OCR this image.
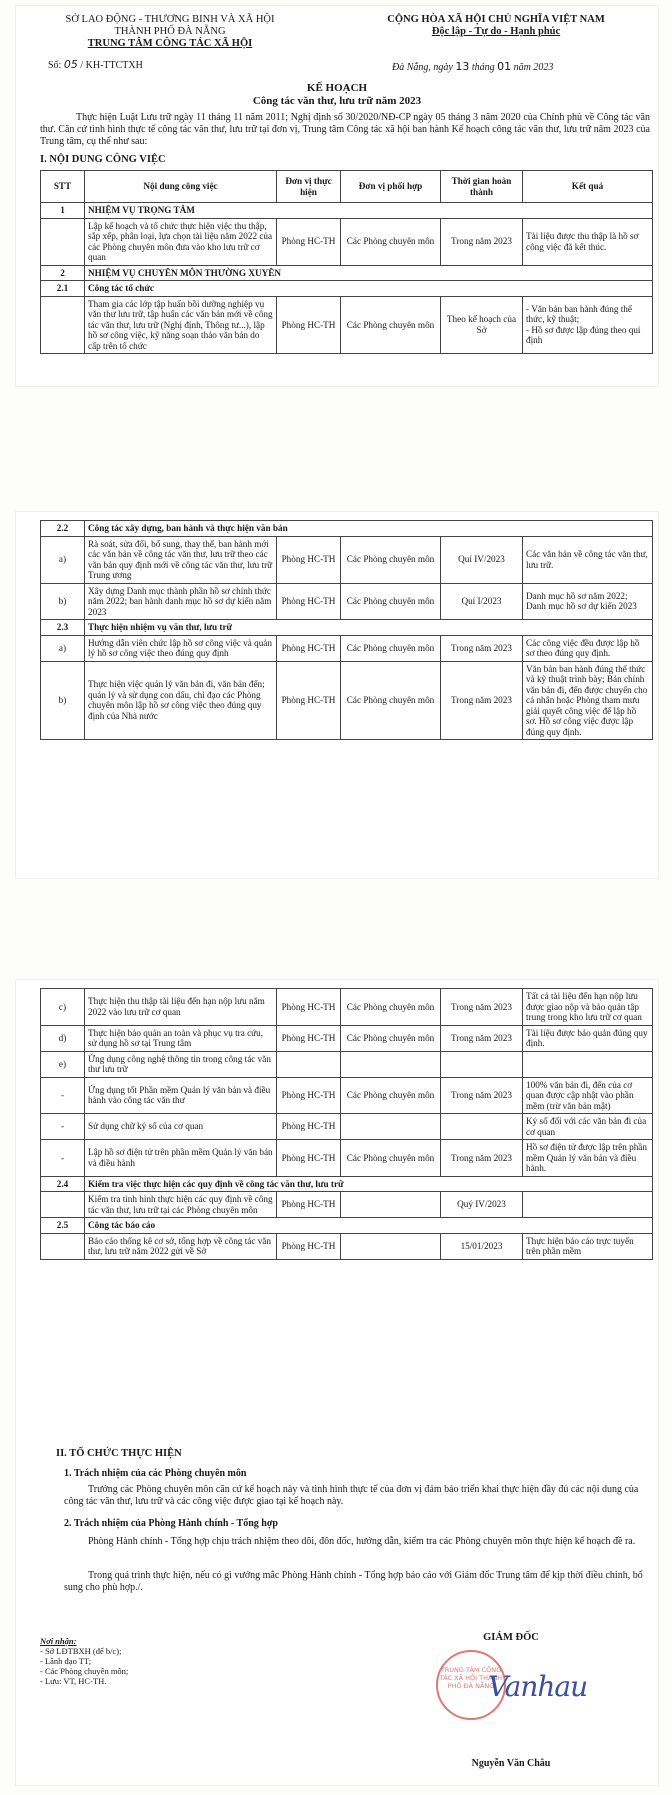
SỞ LAO ĐỘNG - THƯƠNG BINH VÀ XÃ HỘI
THÀNH PHỐ ĐÀ NẴNG
TRUNG TÂM CÔNG TÁC XÃ HỘI
CỘNG HÒA XÃ HỘI CHỦ NGHĨA VIỆT NAM
Độc lập - Tự do - Hạnh phúc
Số: 05 / KH-TTCTXH	Đà Nẵng, ngày 13 tháng 01 năm 2023
KẾ HOẠCH
Công tác văn thư, lưu trữ năm 2023
Thực hiện Luật Lưu trữ ngày 11 tháng 11 năm 2011; Nghị định số 30/2020/NĐ-CP ngày 05 tháng 3 năm 2020 của Chính phủ về Công tác văn thư. Căn cứ tình hình thực tế công tác văn thư, lưu trữ tại đơn vị, Trung tâm Công tác xã hội ban hành Kế hoạch công tác văn thư, lưu trữ năm 2023 của Trung tâm, cụ thể như sau:
I. NỘI DUNG CÔNG VIỆC
STT	Nội dung công việc	Đơn vị thực hiện	Đơn vị phối hợp	Thời gian hoàn thành	Kết quả
1	NHIỆM VỤ TRỌNG TÂM				
	Lập kế hoạch và tổ chức thực hiện việc thu thập, sắp xếp, phân loại, lựa chọn tài liệu năm 2022 của các Phòng chuyên môn đưa vào kho lưu trữ cơ quan	Phòng HC-TH	Các Phòng chuyên môn	Trong năm 2023	Tài liệu được thu thập là hồ sơ công việc đã kết thúc.
2	NHIỆM VỤ CHUYÊN MÔN THƯỜNG XUYÊN				
2.1	Công tác tổ chức				
	Tham gia các lớp tập huấn bồi dưỡng nghiệp vụ văn thư lưu trữ, tập huấn các văn bản mới về công tác văn thư, lưu trữ (Nghị định, Thông tư...), lập hồ sơ công việc, kỹ năng soạn thảo văn bản do cấp trên tổ chức	Phòng HC-TH	Các Phòng chuyên môn	Theo kế hoạch của Sở	- Văn bản ban hành đúng thể thức, kỹ thuật;
- Hồ sơ được lập đúng theo qui định
2.2	Công tác xây dựng, ban hành và thực hiện văn bản				
a)	Rà soát, sửa đổi, bổ sung, thay thế, ban hành mới các văn bản về công tác văn thư, lưu trữ theo các văn bản quy định mới về công tác văn thư, lưu trữ Trung ương	Phòng HC-TH	Các Phòng chuyên môn	Quí IV/2023	Các văn bản về công tác văn thư, lưu trữ.
b)	Xây dựng Danh mục thành phần hồ sơ chính thức năm 2022; ban hành danh mục hồ sơ dự kiến năm 2023	Phòng HC-TH	Các Phòng chuyên môn	Quí I/2023	Danh mục hồ sơ năm 2022; Danh mục hồ sơ dự kiến 2023
2.3	Thực hiện nhiệm vụ văn thư, lưu trữ				
a)	Hướng dẫn viên chức lập hồ sơ công việc và quản lý hồ sơ công việc theo đúng quy định	Phòng HC-TH	Các Phòng chuyên môn	Trong năm 2023	Các công việc đều được lập hồ sơ theo đúng quy định.
b)	Thực hiện việc quản lý văn bản đi, văn bản đến; quản lý và sử dụng con dấu, chỉ đạo các Phòng chuyên môn lập hồ sơ công việc theo đúng quy định của Nhà nước	Phòng HC-TH	Các Phòng chuyên môn	Trong năm 2023	Văn bản ban hành đúng thể thức và kỹ thuật trình bày; Bản chính văn bản đi, đến được chuyển cho cá nhân hoặc Phòng tham mưu giải quyết công việc để lập hồ sơ. Hồ sơ công việc được lập đúng quy định.
c)	Thực hiện thu thập tài liệu đến hạn nộp lưu năm 2022 vào lưu trữ cơ quan	Phòng HC-TH	Các Phòng chuyên môn	Trong năm 2023	Tất cả tài liệu đến hạn nộp lưu được giao nộp và bảo quản tập trung trong kho lưu trữ cơ quan
d)	Thực hiện bảo quản an toàn và phục vụ tra cứu, sử dụng hồ sơ tại Trung tâm	Phòng HC-TH	Các Phòng chuyên môn	Trong năm 2023	Tài liệu được bảo quản đúng quy định.
e)	Ứng dụng công nghệ thông tin trong công tác văn thư lưu trữ				
-	Ứng dụng tốt Phần mềm Quản lý văn bản và điều hành vào công tác văn thư	Phòng HC-TH	Các Phòng chuyên môn	Trong năm 2023	100% văn bản đi, đến của cơ quan được cập nhật vào phần mềm (trừ văn bản mật)
-	Sử dụng chữ ký số của cơ quan	Phòng HC-TH			Ký số đối với các văn bản đi của cơ quan
-	Lập hồ sơ điện tử trên phần mềm Quản lý văn bản và điều hành	Phòng HC-TH	Các Phòng chuyên môn	Trong năm 2023	Hồ sơ điện tử được lập trên phần mềm Quản lý văn bản và điều hành.
2.4	Kiểm tra việc thực hiện các quy định về công tác văn thư, lưu trữ				
	Kiểm tra tình hình thực hiện các quy định về công tác văn thư, lưu trữ tại các Phòng chuyên môn	Phòng HC-TH		Quý IV/2023	
2.5	Công tác báo cáo				
	Báo cáo thống kê cơ sở, tổng hợp về công tác văn thư, lưu trữ năm 2022 gửi về Sở	Phòng HC-TH		15/01/2023	Thực hiện báo cáo trực tuyến trên phần mềm
II. TỔ CHỨC THỰC HIỆN
1. Trách nhiệm của các Phòng chuyên môn
Trưởng các Phòng chuyên môn căn cứ kế hoạch này và tình hình thực tế của đơn vị đảm bảo triển khai thực hiện đầy đủ các nội dung của công tác văn thư, lưu trữ và các công việc được giao tại kế hoạch này.
2. Trách nhiệm của Phòng Hành chính - Tổng hợp
Phòng Hành chính - Tổng hợp chịu trách nhiệm theo dõi, đôn đốc, hướng dẫn, kiểm tra các Phòng chuyên môn thực hiện kế hoạch đề ra.
Trong quá trình thực hiện, nếu có gì vướng mắc Phòng Hành chính - Tổng hợp báo cáo với Giám đốc Trung tâm để kịp thời điều chỉnh, bổ sung cho phù hợp./.
Nơi nhận:
- Sở LĐTBXH (để b/c);
- Lãnh đạo TT;
- Các Phòng chuyên môn;
- Lưu: VT, HC-TH.
GIÁM ĐỐC
TRUNG TÂM CÔNG TÁC XÃ HỘI THÀNH PHỐ ĐÀ NẴNG
Vanhau
Nguyễn Văn Châu
